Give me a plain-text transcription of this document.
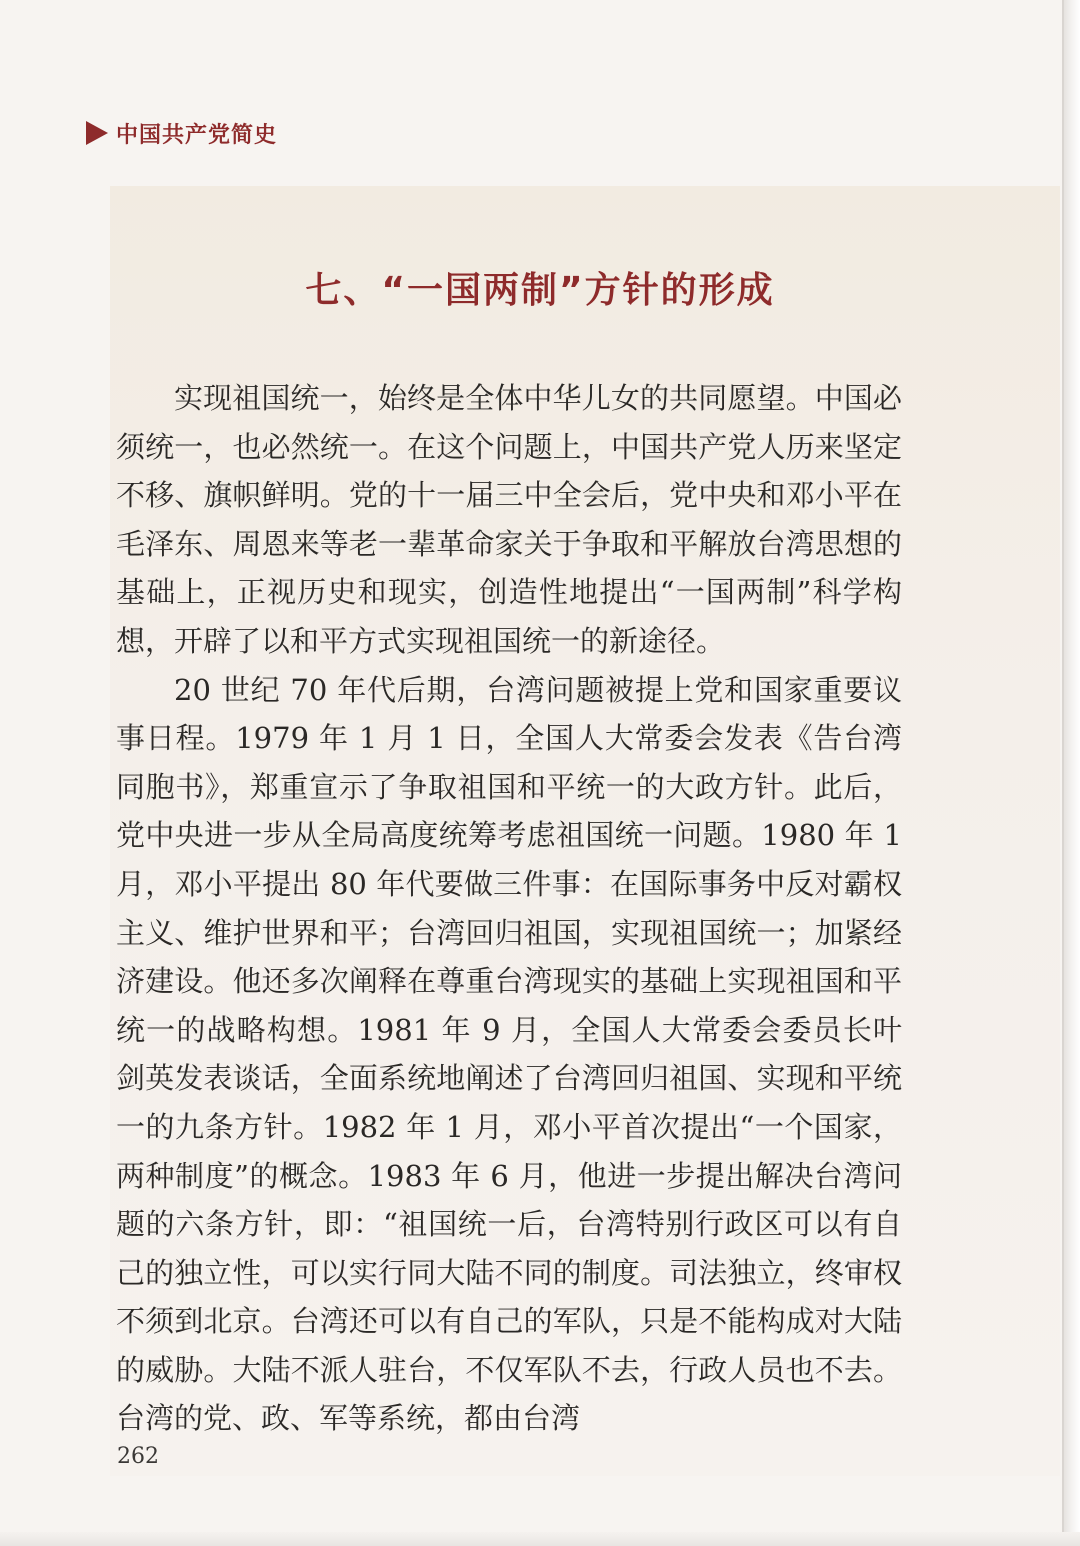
中国共产党简史
七、“一国两制”方针的形成

实现祖国统一，始终是全体中华儿女的共同愿望。中国必须统一，也必然统一。在这个问题上，中国共产党人历来坚定不移、旗帜鲜明。党的十一届三中全会后，党中央和邓小平在毛泽东、周恩来等老一辈革命家关于争取和平解放台湾思想的基础上，正视历史和现实，创造性地提出“一国两制”科学构想，开辟了以和平方式实现祖国统一的新途径。

20 世纪 70 年代后期，台湾问题被提上党和国家重要议事日程。1979 年 1 月 1 日，全国人大常委会发表《告台湾同胞书》，郑重宣示了争取祖国和平统一的大政方针。此后，党中央进一步从全局高度统筹考虑祖国统一问题。1980 年 1 月，邓小平提出 80 年代要做三件事：在国际事务中反对霸权主义、维护世界和平；台湾回归祖国，实现祖国统一；加紧经济建设。他还多次阐释在尊重台湾现实的基础上实现祖国和平统一的战略构想。1981 年 9 月，全国人大常委会委员长叶剑英发表谈话，全面系统地阐述了台湾回归祖国、实现和平统一的九条方针。1982 年 1 月，邓小平首次提出“一个国家，两种制度”的概念。1983 年 6 月，他进一步提出解决台湾问题的六条方针，即：“祖国统一后，台湾特别行政区可以有自己的独立性，可以实行同大陆不同的制度。司法独立，终审权不须到北京。台湾还可以有自己的军队，只是不能构成对大陆的威胁。大陆不派人驻台，不仅军队不去，行政人员也不去。台湾的党、政、军等系统，都由台湾

262
